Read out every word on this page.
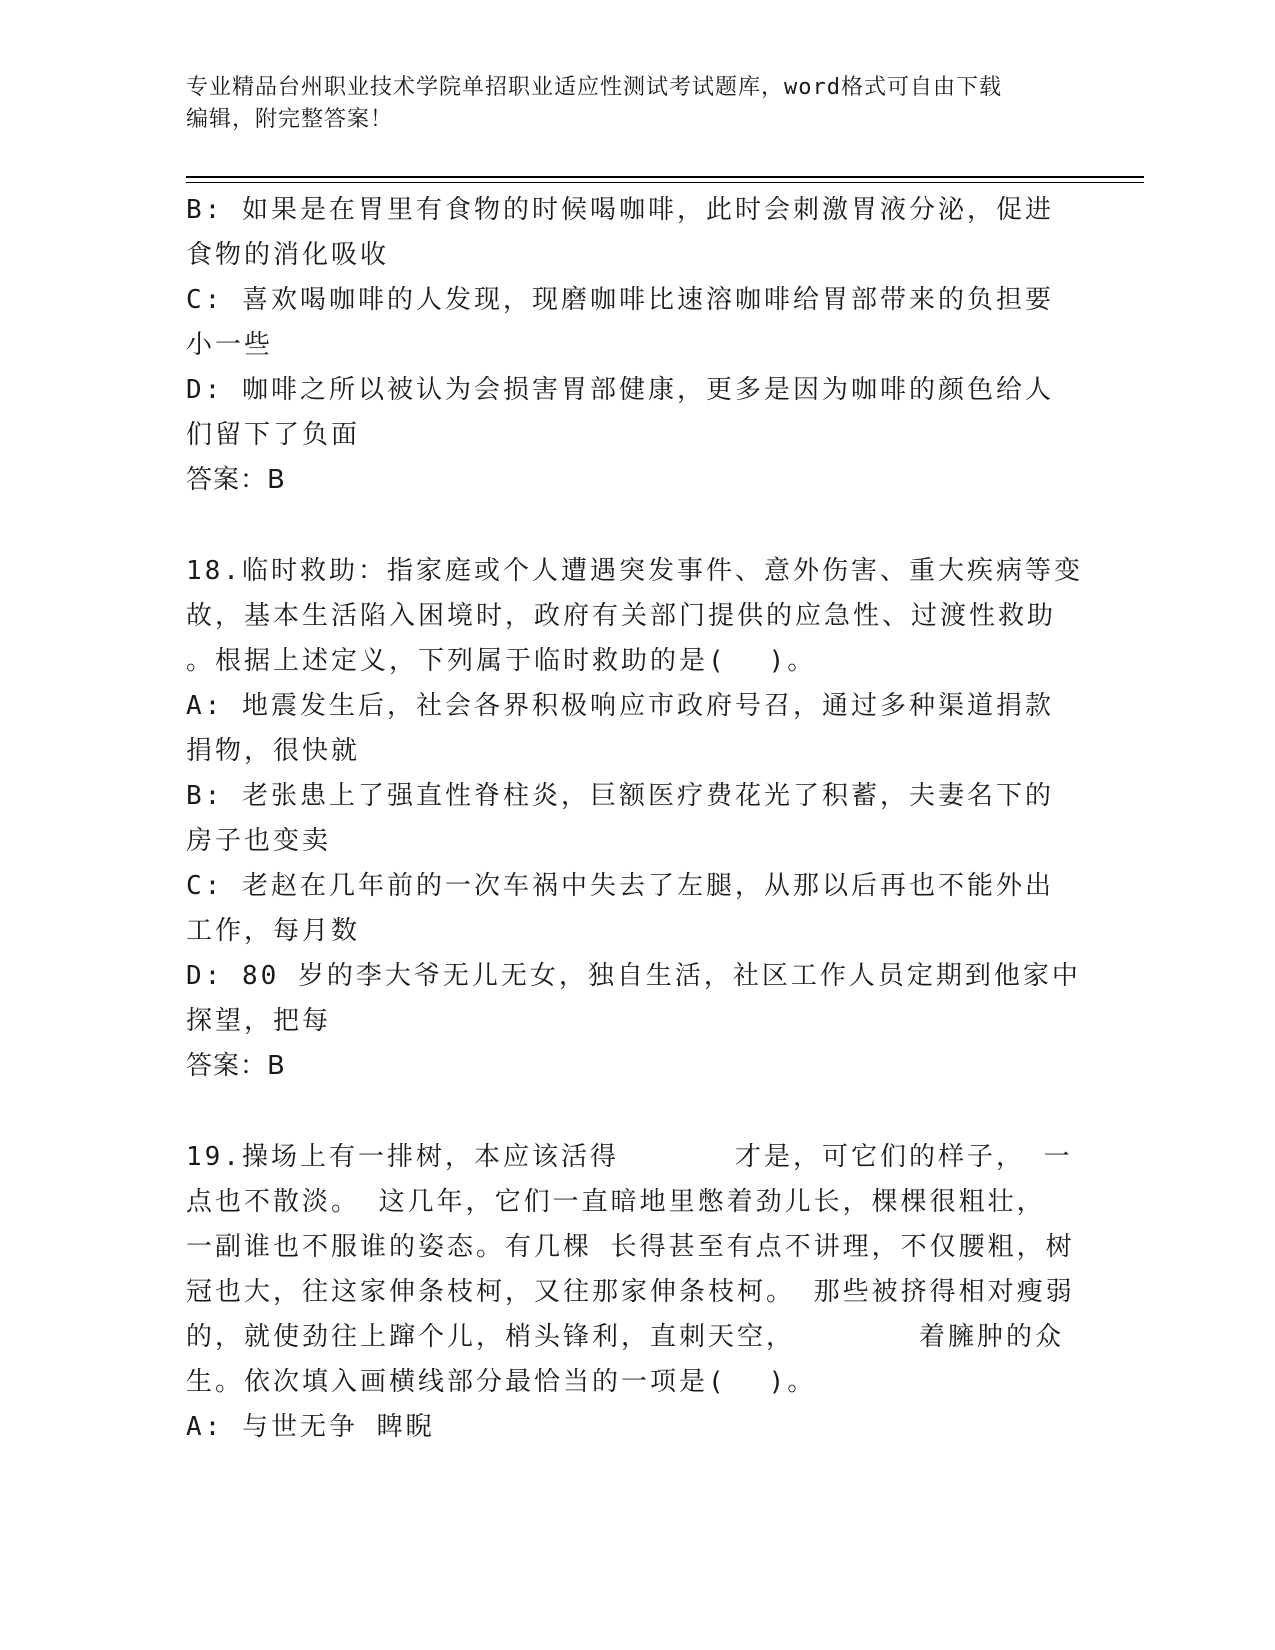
专业精品台州职业技术学院单招职业适应性测试考试题库，word格式可自由下载
编辑，附完整答案！
B: 如果是在胃里有食物的时候喝咖啡，此时会刺激胃液分泌，促进
食物的消化吸收
C: 喜欢喝咖啡的人发现，现磨咖啡比速溶咖啡给胃部带来的负担要
小一些
D: 咖啡之所以被认为会损害胃部健康，更多是因为咖啡的颜色给人
们留下了负面
答案：B
18.临时救助：指家庭或个人遭遇突发事件、意外伤害、重大疾病等变
故，基本生活陷入困境时，政府有关部门提供的应急性、过渡性救助
。根据上述定义，下列属于临时救助的是( )。
A: 地震发生后，社会各界积极响应市政府号召，通过多种渠道捐款
捐物，很快就
B: 老张患上了强直性脊柱炎，巨额医疗费花光了积蓄，夫妻名下的
房子也变卖
C: 老赵在几年前的一次车祸中失去了左腿，从那以后再也不能外出
工作，每月数
D: 80 岁的李大爷无儿无女，独自生活，社区工作人员定期到他家中
探望，把每
答案：B
19.操场上有一排树，本应该活得	才是，可它们的样子， 一
点也不散淡。 这几年，它们一直暗地里憋着劲儿长，棵棵很粗壮，
一副谁也不服谁的姿态。有几棵 长得甚至有点不讲理，不仅腰粗，树
冠也大，往这家伸条枝柯，又往那家伸条枝柯。 那些被挤得相对瘦弱
的，就使劲往上蹿个儿，梢头锋利，直刺天空，	着臃肿的众
生。依次填入画横线部分最恰当的一项是( )。
A: 与世无争 睥睨
